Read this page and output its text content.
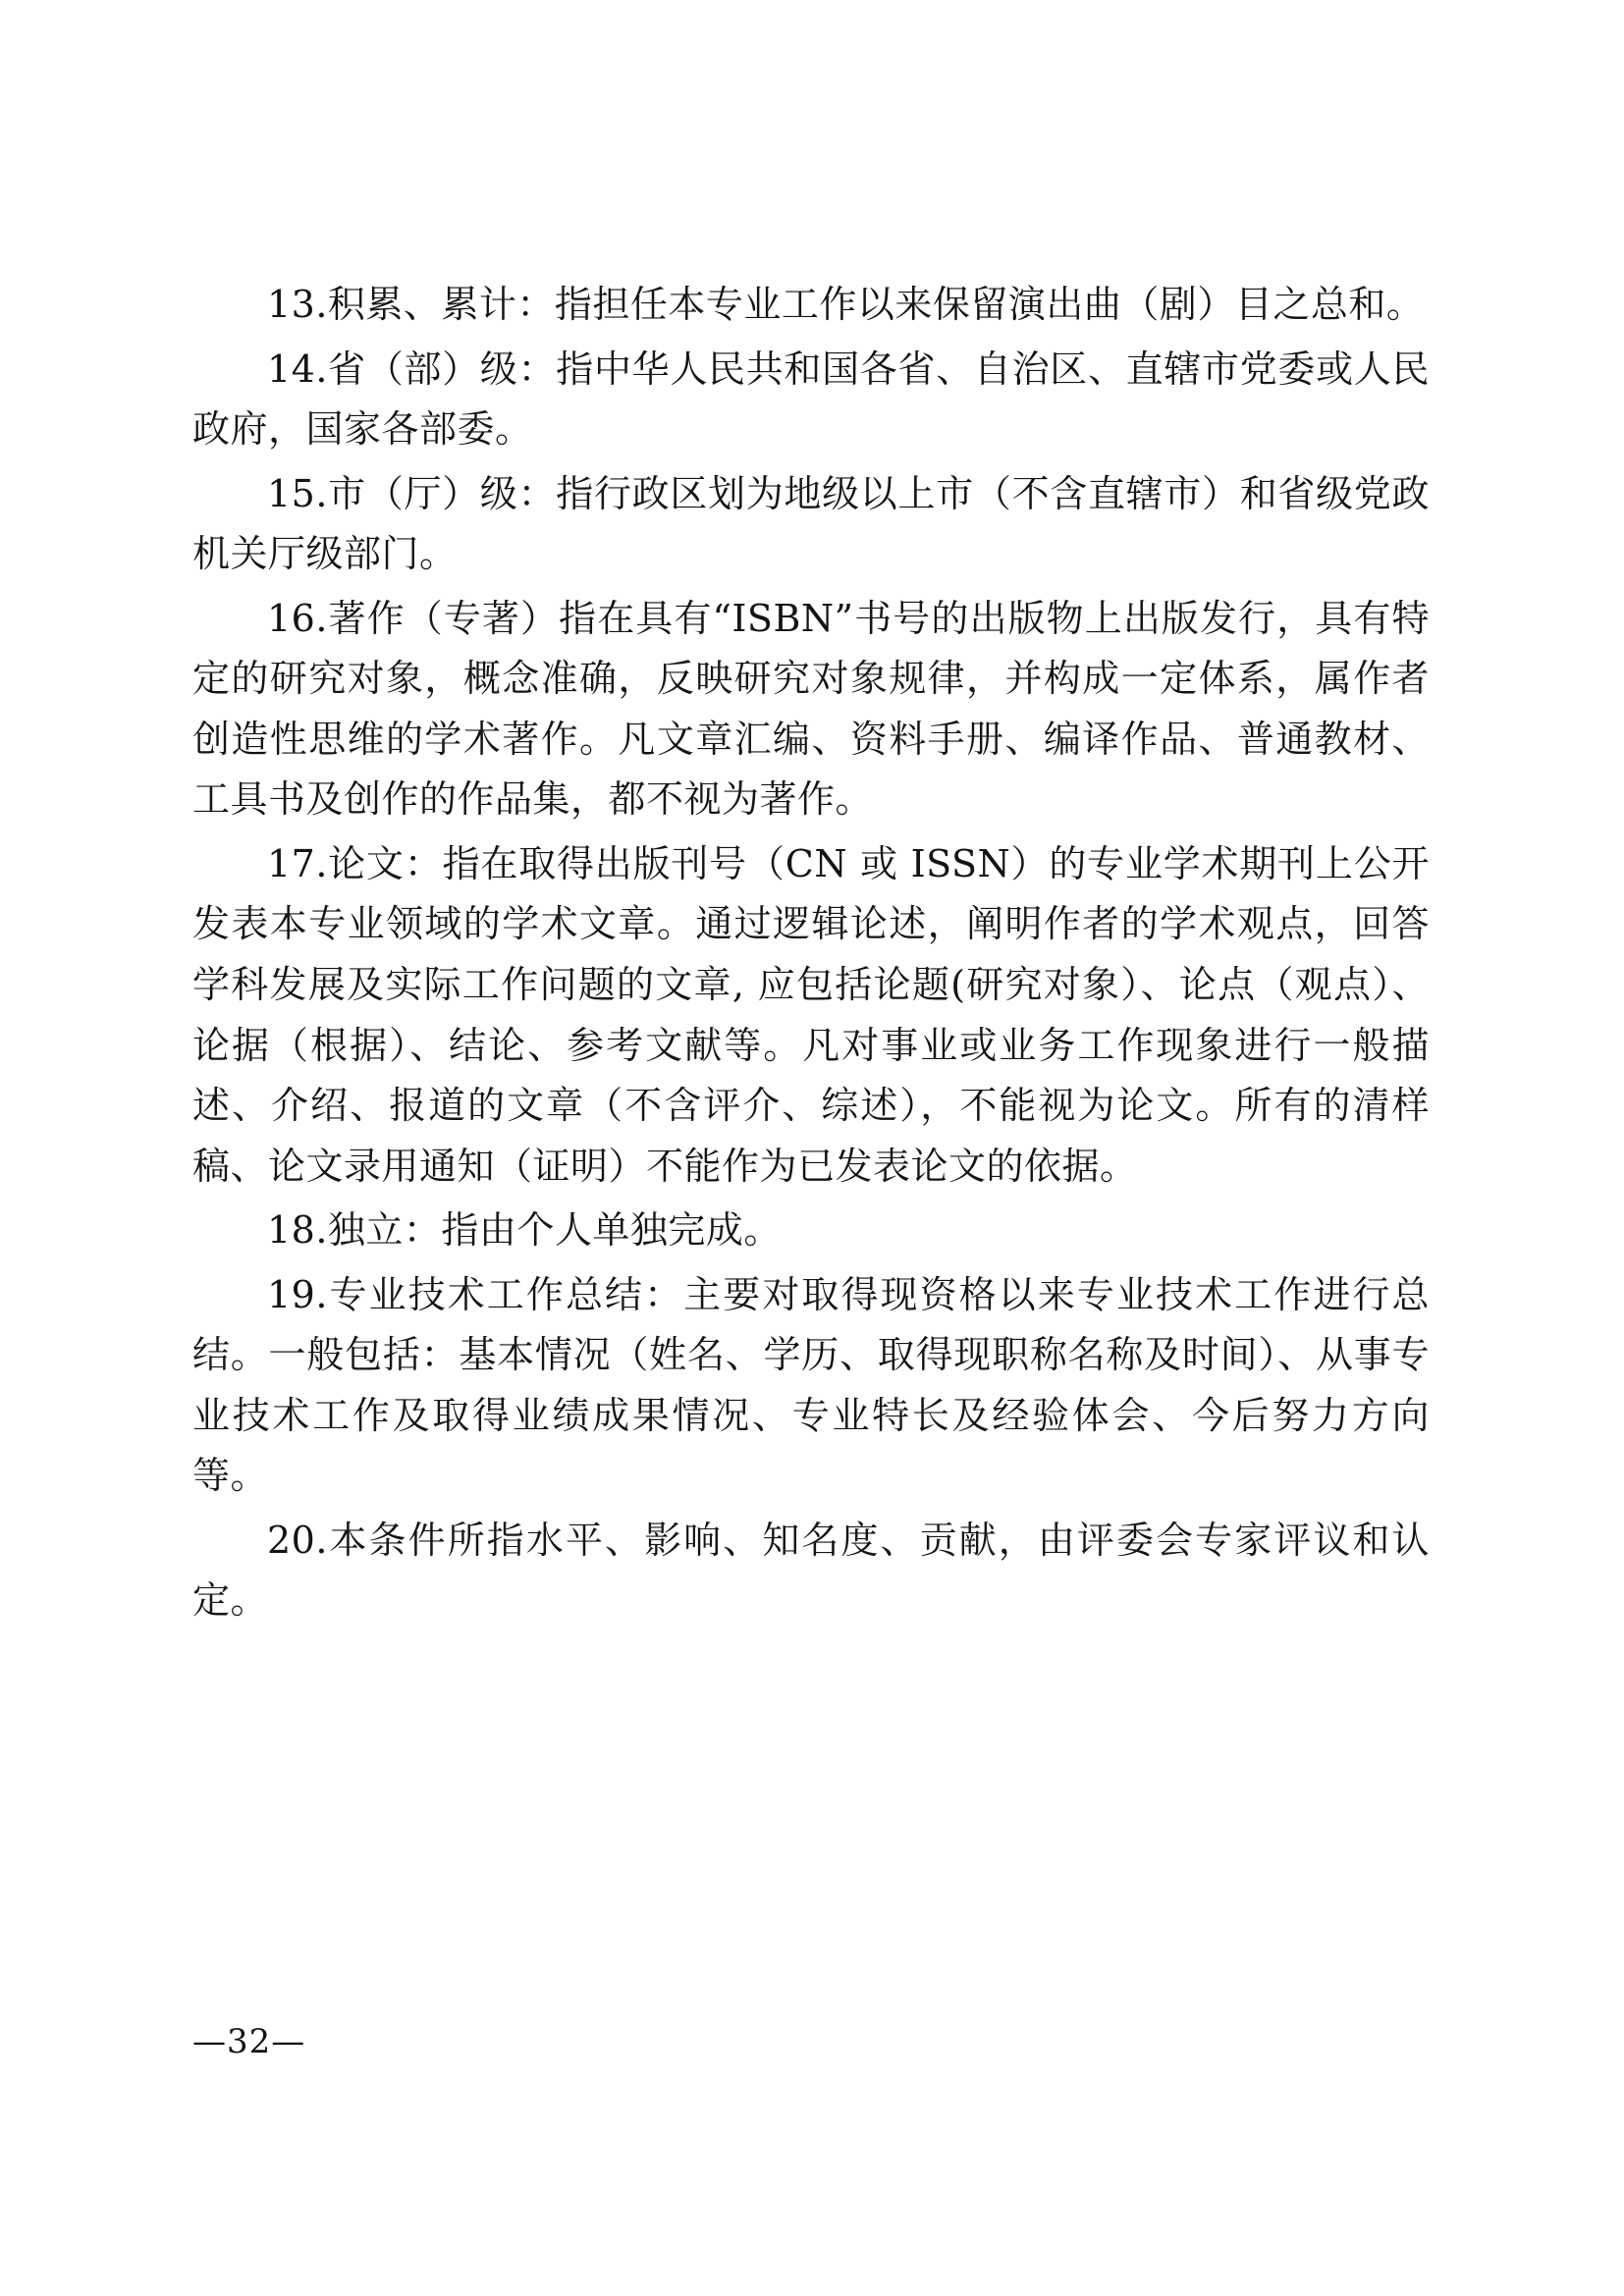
13.积累、累计：指担任本专业工作以来保留演出曲（剧）目之总和。

14.省（部）级：指中华人民共和国各省、自治区、直辖市党委或人民政府，国家各部委。

15.市（厅）级：指行政区划为地级以上市（不含直辖市）和省级党政机关厅级部门。

16.著作（专著）指在具有“ISBN”书号的出版物上出版发行，具有特定的研究对象，概念准确，反映研究对象规律，并构成一定体系，属作者创造性思维的学术著作。凡文章汇编、资料手册、编译作品、普通教材、工具书及创作的作品集，都不视为著作。

17.论文：指在取得出版刊号（CN 或 ISSN）的专业学术期刊上公开发表本专业领域的学术文章。通过逻辑论述，阐明作者的学术观点，回答学科发展及实际工作问题的文章, 应包括论题(研究对象）、论点（观点）、论据（根据）、结论、参考文献等。凡对事业或业务工作现象进行一般描述、介绍、报道的文章（不含评介、综述），不能视为论文。所有的清样稿、论文录用通知（证明）不能作为已发表论文的依据。

18.独立：指由个人单独完成。

19.专业技术工作总结：主要对取得现资格以来专业技术工作进行总结。一般包括：基本情况（姓名、学历、取得现职称名称及时间）、从事专业技术工作及取得业绩成果情况、专业特长及经验体会、今后努力方向等。

20.本条件所指水平、影响、知名度、贡献，由评委会专家评议和认定。

—32—
